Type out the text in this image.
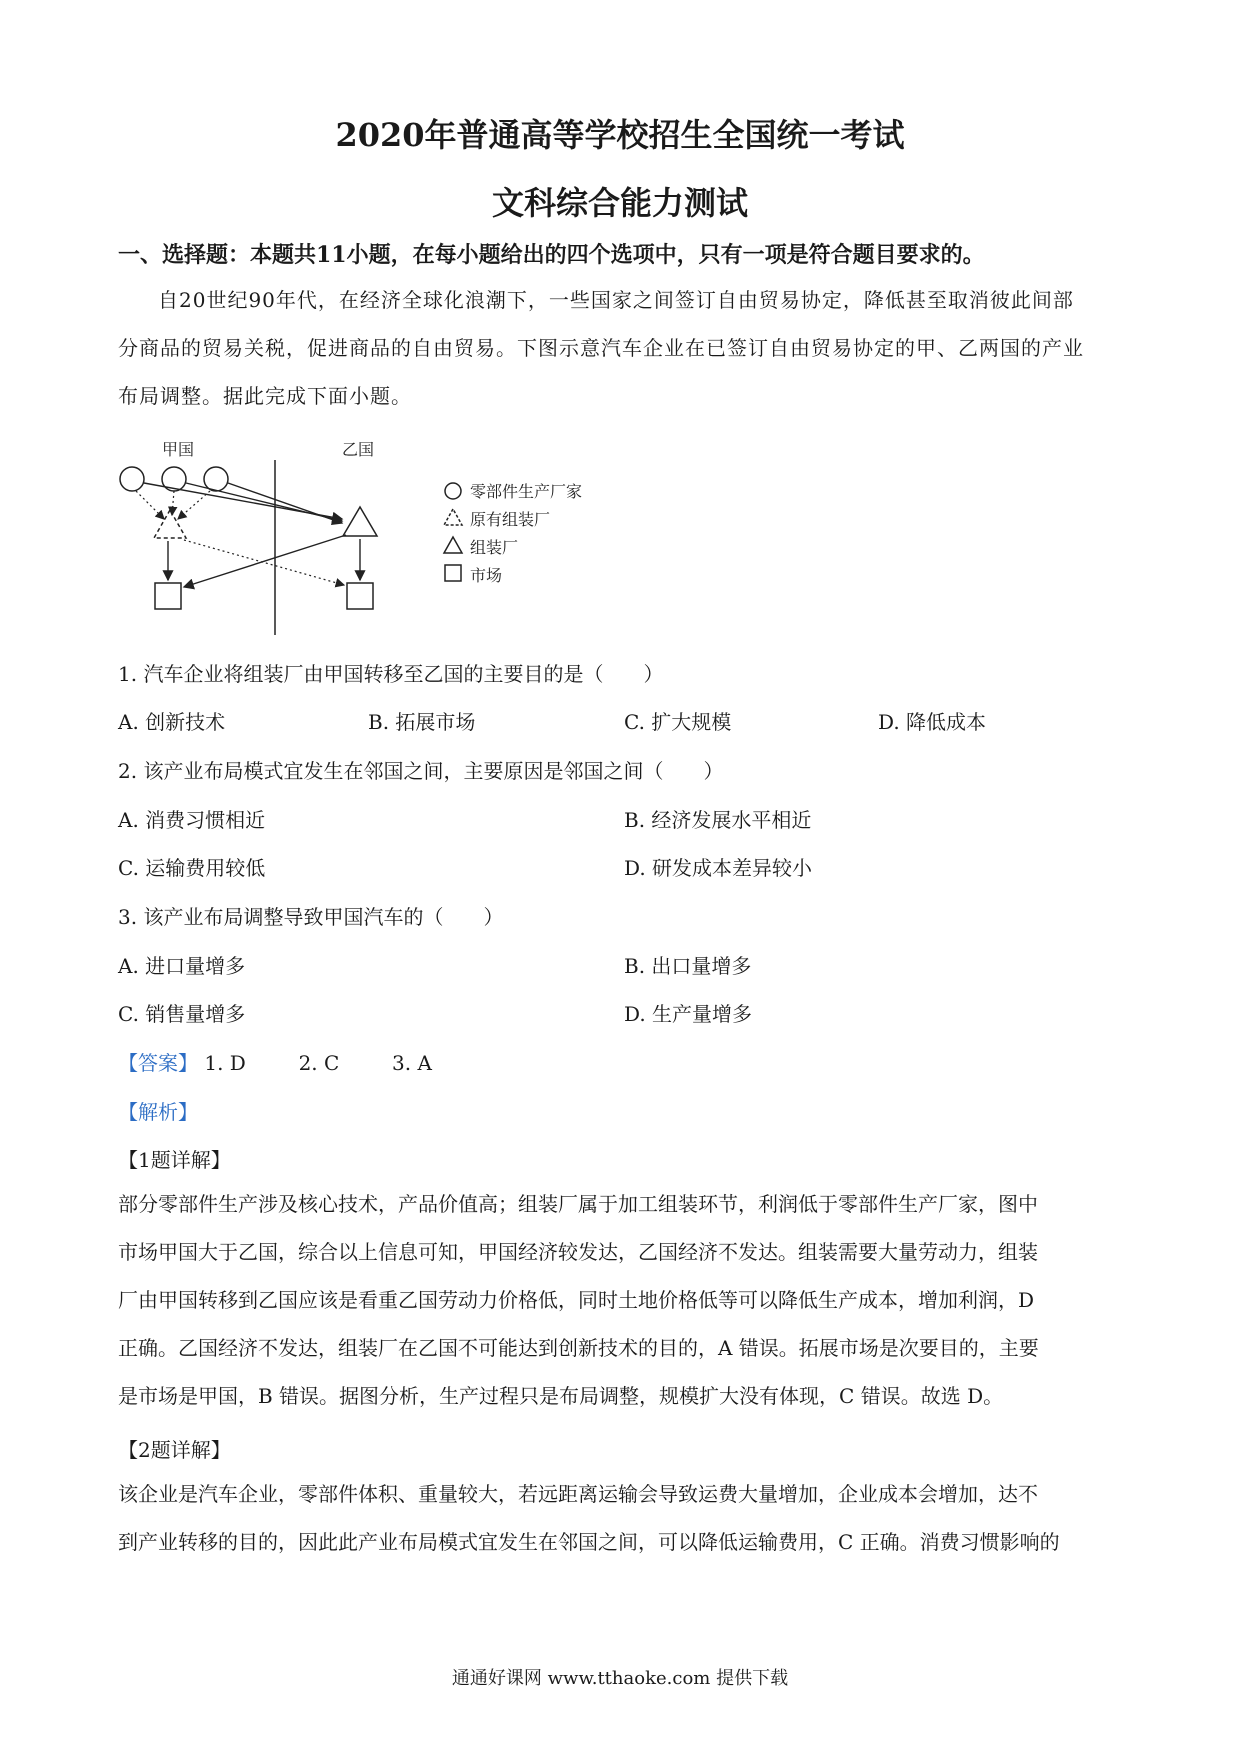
2020年普通高等学校招生全国统一考试
文科综合能力测试
一、选择题：本题共11小题，在每小题给出的四个选项中，只有一项是符合题目要求的。
自20世纪90年代，在经济全球化浪潮下，一些国家之间签订自由贸易协定，降低甚至取消彼此间部
分商品的贸易关税，促进商品的自由贸易。下图示意汽车企业在已签订自由贸易协定的甲、乙两国的产业
布局调整。据此完成下面小题。
甲国	乙国
零部件生产厂家
原有组装厂
组装厂
市场
1. 汽车企业将组装厂由甲国转移至乙国的主要目的是（　　）
A. 创新技术	B. 拓展市场	C. 扩大规模	D. 降低成本
2. 该产业布局模式宜发生在邻国之间，主要原因是邻国之间（　　）
A. 消费习惯相近	B. 经济发展水平相近
C. 运输费用较低	D. 研发成本差异较小
3. 该产业布局调整导致甲国汽车的（　　）
A. 进口量增多	B. 出口量增多
C. 销售量增多	D. 生产量增多
【答案】 1. D	2. C	3. A
【解析】
【1题详解】
部分零部件生产涉及核心技术，产品价值高；组装厂属于加工组装环节，利润低于零部件生产厂家，图中
市场甲国大于乙国，综合以上信息可知，甲国经济较发达，乙国经济不发达。组装需要大量劳动力，组装
厂由甲国转移到乙国应该是看重乙国劳动力价格低，同时土地价格低等可以降低生产成本，增加利润，D
正确。乙国经济不发达，组装厂在乙国不可能达到创新技术的目的，A 错误。拓展市场是次要目的，主要
是市场是甲国，B 错误。据图分析，生产过程只是布局调整，规模扩大没有体现，C 错误。故选 D。
【2题详解】
该企业是汽车企业，零部件体积、重量较大，若远距离运输会导致运费大量增加，企业成本会增加，达不
到产业转移的目的，因此此产业布局模式宜发生在邻国之间，可以降低运输费用，C 正确。消费习惯影响的
通通好课网 www.tthaoke.com 提供下载
